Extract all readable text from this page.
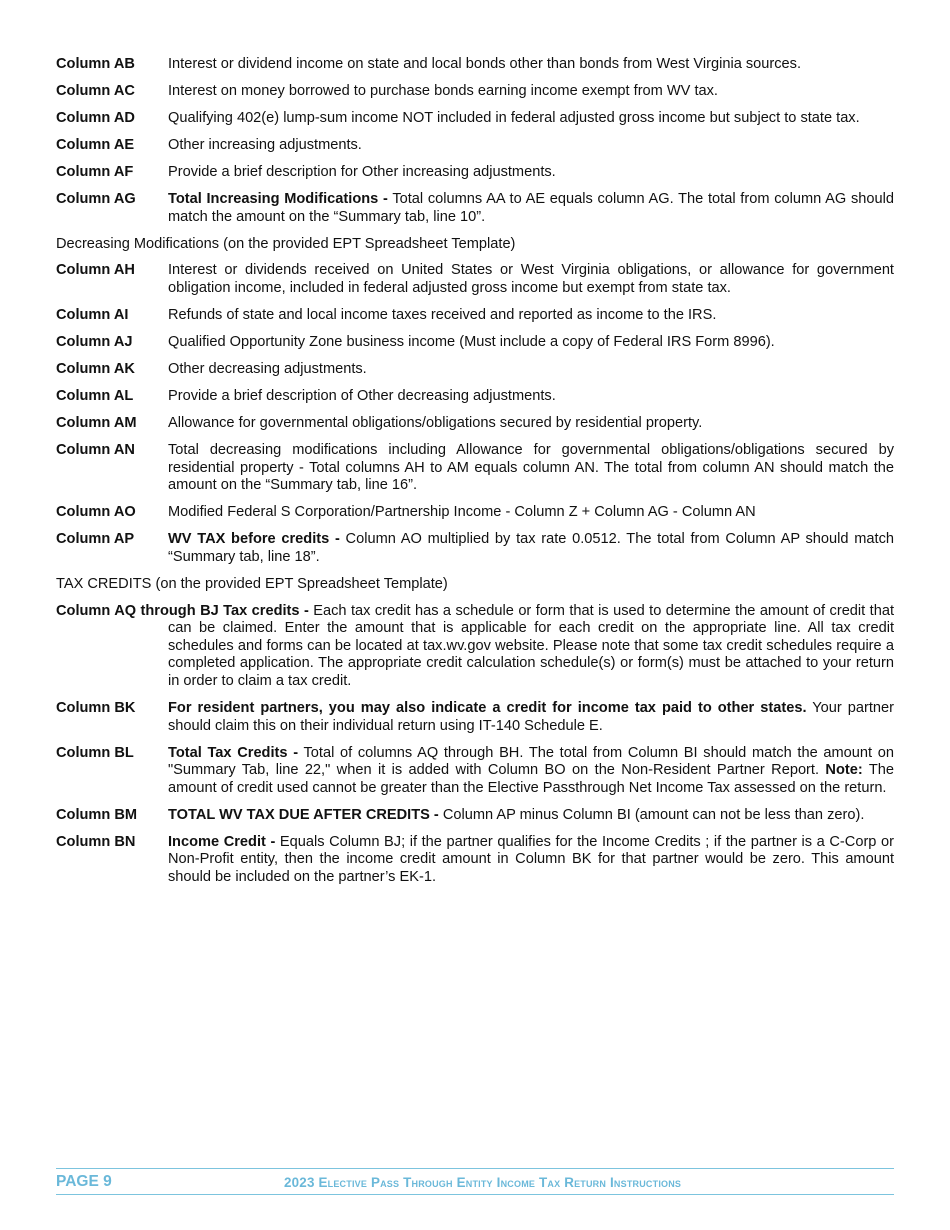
Column AB	Interest or dividend income on state and local bonds other than bonds from West Virginia sources.
Column AC	Interest on money borrowed to purchase bonds earning income exempt from WV tax.
Column AD Qualifying 402(e) lump-sum income NOT included in federal adjusted gross income but subject to state tax.
Column AE	Other increasing adjustments.
Column AF	Provide a brief description for Other increasing adjustments.
Column AG	Total Increasing Modifications - Total columns AA to AE equals column AG. The total from column AG should match the amount on the “Summary tab, line 10”.
Decreasing Modifications (on the provided EPT Spreadsheet Template)
Column AH	Interest or dividends received on United States or West Virginia obligations, or allowance for government obligation income, included in federal adjusted gross income but exempt from state tax.
Column AI	Refunds of state and local income taxes received and reported as income to the IRS.
Column AJ	Qualified Opportunity Zone business income (Must include a copy of Federal IRS Form 8996).
Column AK	Other decreasing adjustments.
Column AL	Provide a brief description of Other decreasing adjustments.
Column AM	Allowance for governmental obligations/obligations secured by residential property.
Column AN	Total decreasing modifications including Allowance for governmental obligations/obligations secured by residential property - Total columns AH to AM equals column AN. The total from column AN should match the amount on the “Summary tab, line 16”.
Column AO	Modified Federal S Corporation/Partnership Income - Column Z + Column AG - Column AN
Column AP	WV TAX before credits - Column AO multiplied by tax rate 0.0512. The total from Column AP should match “Summary tab, line 18”.
TAX CREDITS (on the provided EPT Spreadsheet Template)
Column AQ through BJ Tax credits - Each tax credit has a schedule or form that is used to determine the amount of credit that can be claimed. Enter the amount that is applicable for each credit on the appropriate line. All tax credit schedules and forms can be located at tax.wv.gov website. Please note that some tax credit schedules require a completed application. The appropriate credit calculation schedule(s) or form(s) must be attached to your return in order to claim a tax credit.
Column BK	For resident partners, you may also indicate a credit for income tax paid to other states. Your partner should claim this on their individual return using IT-140 Schedule E.
Column BL	Total Tax Credits - Total of columns AQ through BH. The total from Column BI should match the amount on "Summary Tab, line 22," when it is added with Column BO on the Non-Resident Partner Report. Note: The amount of credit used cannot be greater than the Elective Passthrough Net Income Tax assessed on the return.
Column BM	TOTAL WV TAX DUE AFTER CREDITS - Column AP minus Column BI (amount can not be less than zero).
Column BN	Income Credit - Equals Column BJ; if the partner qualifies for the Income Credits ; if the partner is a C-Corp or Non-Profit entity, then the income credit amount in Column BK for that partner would be zero. This amount should be included on the partner’s EK-1.
PAGE 9	2023 Elective Pass Through Entity Income Tax Return Instructions
